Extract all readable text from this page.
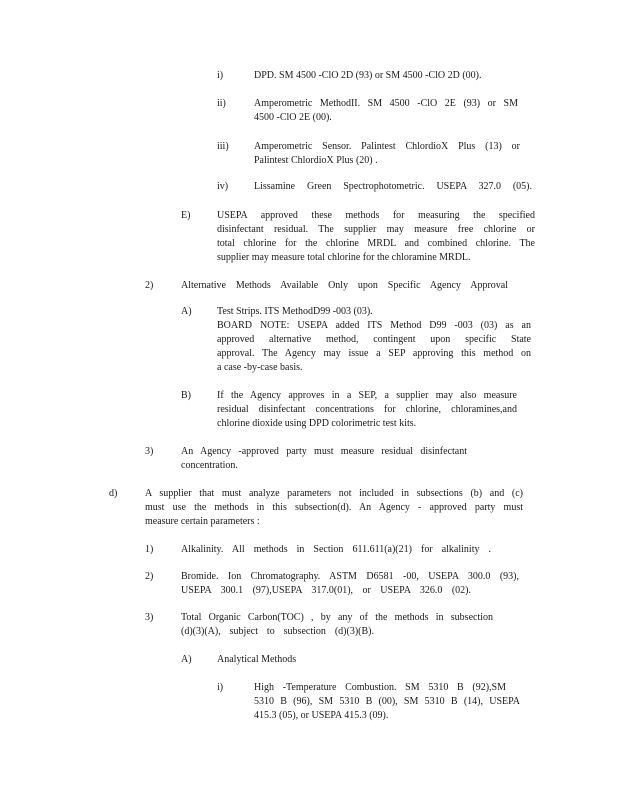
i)	DPD. SM 4500 -ClO 2D (93) or SM 4500 -ClO 2D (00).
ii)	Amperometric MethodII. SM 4500 -ClO 2E (93) or SM
4500 -ClO 2E (00).
iii)	Amperometric Sensor. Palintest ChlordioX Plus (13) or
Palintest ChlordioX Plus (20) .
iv)	Lissamine Green Spectrophotometric. USEPA 327.0 (05).
E)	USEPA approved these methods for measuring the specified
disinfectant residual. The supplier may measure free chlorine or
total chlorine for the chlorine MRDL and combined chlorine. The
supplier may measure total chlorine for the chloramine MRDL.
2)	Alternative Methods Available Only upon Specific Agency Approval
A)	Test Strips. ITS MethodD99 -003 (03).
BOARD NOTE: USEPA added ITS Method D99 -003 (03) as an
approved alternative method, contingent upon specific State
approval. The Agency may issue a SEP approving this method on
a case -by-case basis.
B)	If the Agency approves in a SEP, a supplier may also measure
residual disinfectant concentrations for chlorine, chloramines,and
chlorine dioxide using DPD colorimetric test kits.
3)	An Agency -approved party must measure residual disinfectant
concentration.
d)	A supplier that must analyze parameters not included in subsections (b) and (c)
must use the methods in this subsection(d). An Agency - approved party must
measure certain parameters :
1)	Alkalinity. All methods in Section 611.611(a)(21) for alkalinity .
2)	Bromide. Ion Chromatography. ASTM D6581 -00, USEPA 300.0 (93),
USEPA 300.1 (97),USEPA 317.0(01), or USEPA 326.0 (02).
3)	Total Organic Carbon(TOC) , by any of the methods in subsection
(d)(3)(A), subject to subsection (d)(3)(B).
A)	Analytical Methods
i)	High -Temperature Combustion. SM 5310 B (92),SM
5310 B (96), SM 5310 B (00), SM 5310 B (14), USEPA
415.3 (05), or USEPA 415.3 (09).
